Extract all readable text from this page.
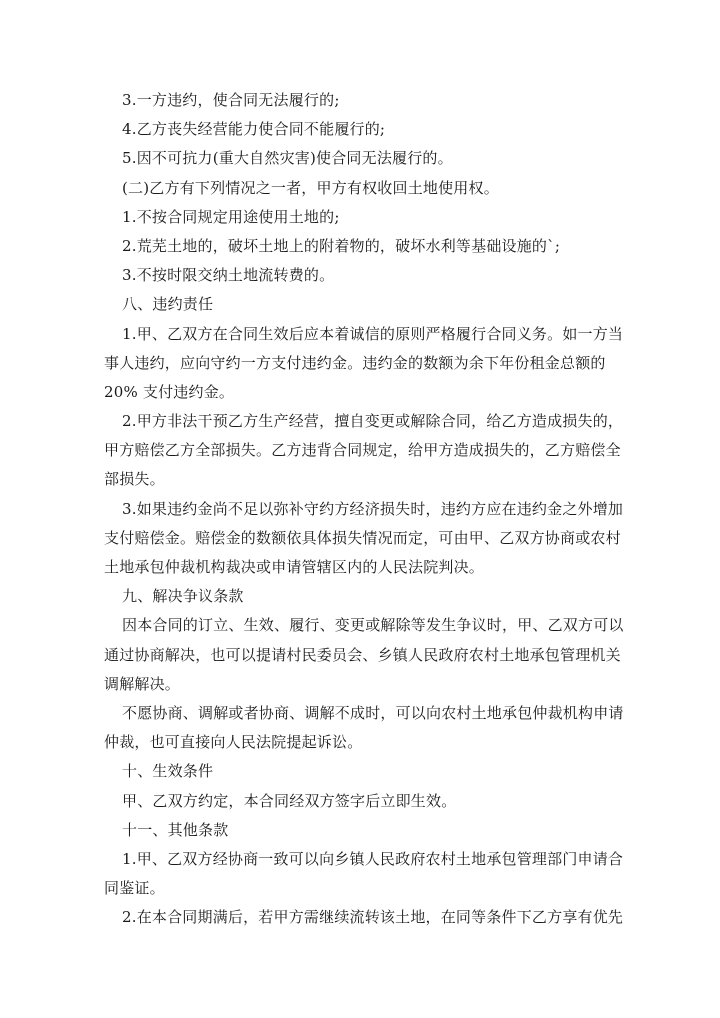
3.一方违约，使合同无法履行的;
4.乙方丧失经营能力使合同不能履行的;
5.因不可抗力(重大自然灾害)使合同无法履行的。
(二)乙方有下列情况之一者，甲方有权收回土地使用权。
1.不按合同规定用途使用土地的;
2.荒芜土地的，破坏土地上的附着物的，破坏水利等基础设施的`;
3.不按时限交纳土地流转费的。
八、违约责任
1.甲、乙双方在合同生效后应本着诚信的原则严格履行合同义务。如一方当
事人违约，应向守约一方支付违约金。违约金的数额为余下年份租金总额的
20% 支付违约金。
2.甲方非法干预乙方生产经营，擅自变更或解除合同，给乙方造成损失的，
甲方赔偿乙方全部损失。乙方违背合同规定，给甲方造成损失的，乙方赔偿全
部损失。
3.如果违约金尚不足以弥补守约方经济损失时，违约方应在违约金之外增加
支付赔偿金。赔偿金的数额依具体损失情况而定，可由甲、乙双方协商或农村
土地承包仲裁机构裁决或申请管辖区内的人民法院判决。
九、解决争议条款
因本合同的订立、生效、履行、变更或解除等发生争议时，甲、乙双方可以
通过协商解决，也可以提请村民委员会、乡镇人民政府农村土地承包管理机关
调解解决。
不愿协商、调解或者协商、调解不成时，可以向农村土地承包仲裁机构申请
仲裁，也可直接向人民法院提起诉讼。
十、生效条件
甲、乙双方约定，本合同经双方签字后立即生效。
十一、其他条款
1.甲、乙双方经协商一致可以向乡镇人民政府农村土地承包管理部门申请合
同鉴证。
2.在本合同期满后，若甲方需继续流转该土地，在同等条件下乙方享有优先
